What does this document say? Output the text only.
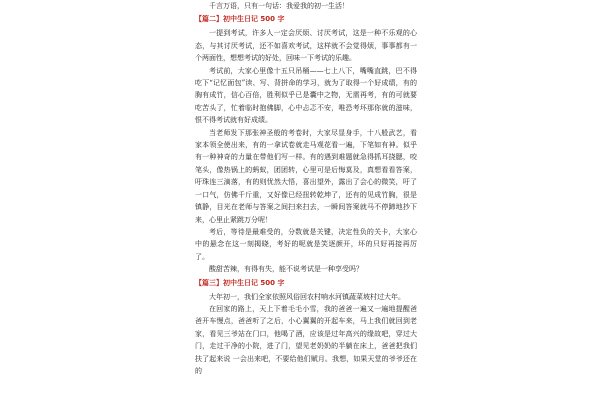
千言万语，只有一句话：我爱我的初一生活！

【篇二】初中生日记 500 字

一提到考试，许多人一定会厌烦、讨厌考试，这是一种不乐观的心态，与其讨厌考试，还不如喜欢考试，这样就不会觉得烦，事事都有一个两面性，想想考试的好处，回味一下考试的乐趣。

考试前，大家心里像十五只吊桶——七上八下，嘴嘴直跳，巴不得吃下“记忆面包”读、写、背拼命的学习，就为了取得一个好成绩，有的胸有成竹，信心百倍，胜利似乎已是囊中之物，无需再考，有的可就要吃苦头了，忙着临时抱佛脚，心中忐忑不安，唯恐考坏那你就的滋味，恨不得考试就有好成绩。

当老师发下那张神圣般的考卷时，大家尽显身手，十八般武艺，看家本领全使出来，有的一拿试卷就走马观花看一遍，下笔如有神。似乎有一种神奇的力量在带他们写一样。有的遇到难题就急得抓耳挠腮，咬笔头，像热锅上的蚂蚁，团团转，心里可是后悔莫及，真想看看答案，吁珠连三滴落，有的则忧然大悟，喜出望外，露出了会心的微笑，吁了一口气，仿佛千斤重，又好像已经扭转乾坤了，还有的见成竹胸，很是镇静，目光在老师与答案之间扫来扫去，一瞬间答案就马不停蹄地抄下来，心里止紧跳万分呢！

考后，等待是最难受的，分数就是关键，决定性负的关卡，大家心中的悬念在这一刻揭晓，考好的呢就是笑逐颜开，坏的只好再接再厉了。

酸甜苦辣，有得有失，能不说考试是一种享受吗？

【篇三】初中生日记 500 字

大年初一，我们全家依照风俗回农村响水河镇蔬菜坡村过大年。

在回家的路上，天上下着毛毛小雪，我的爸爸一遍又一遍地提醒爸爸开车慢点，爸爸听了之后，小心翼翼的开起车来，马上我们就回到老家，看见三爷站在门口，他喝了酒，应该是过年高兴的缘故吧，穿过大门，走过干净的小院，进了门，望见老奶奶的半躺在床上，爸爸把我们扶了起来说 一会出来吧，不要给他们赋月。我想，如果天堂的爷爷还在的
